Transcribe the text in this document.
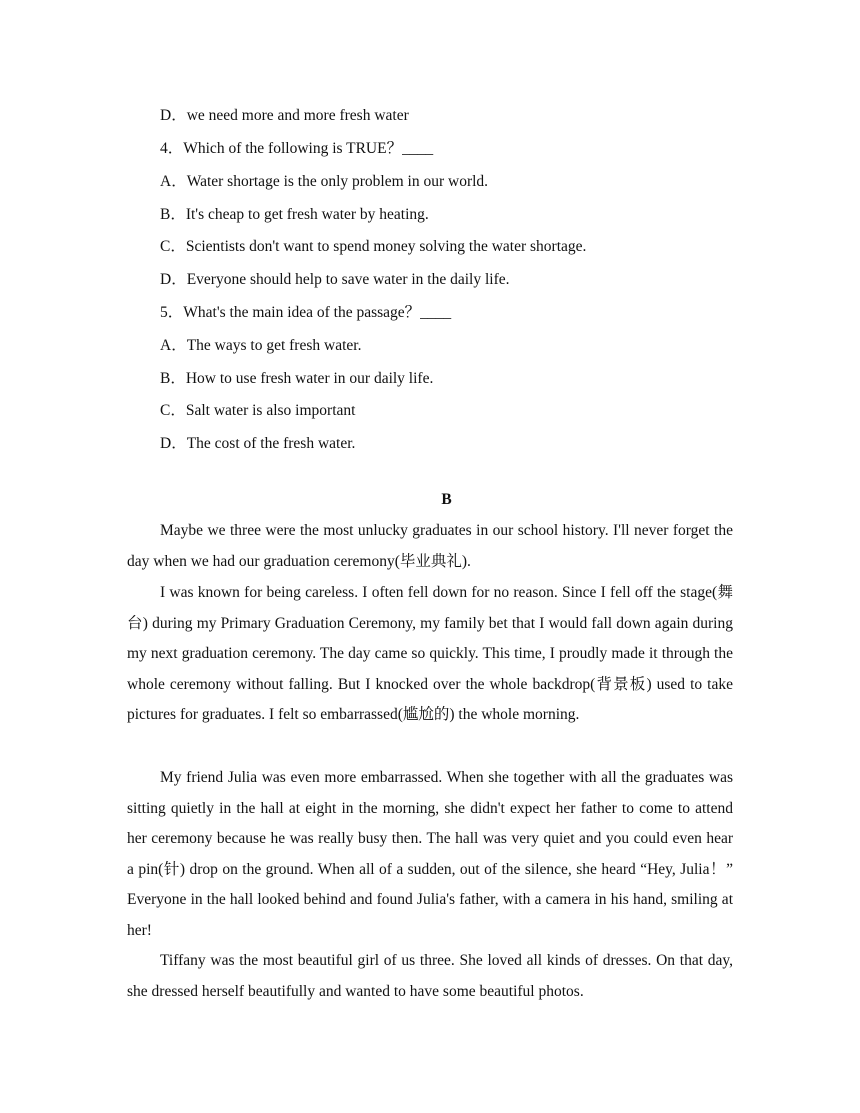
D．we need more and more fresh water
4．Which of the following is TRUE？____
A．Water shortage is the only problem in our world.
B．It's cheap to get fresh water by heating.
C．Scientists don't want to spend money solving the water shortage.
D．Everyone should help to save water in the daily life.
5．What's the main idea of the passage？____
A．The ways to get fresh water.
B．How to use fresh water in our daily life.
C．Salt water is also important
D．The cost of the fresh water.
B
Maybe we three were the most unlucky graduates in our school history. I'll never forget the day when we had our graduation ceremony(毕业典礼).
I was known for being careless. I often fell down for no reason. Since I fell off the stage(舞台) during my Primary Graduation Ceremony, my family bet that I would fall down again during my next graduation ceremony. The day came so quickly. This time, I proudly made it through the whole ceremony without falling. But I knocked over the whole backdrop(背景板) used to take pictures for graduates. I felt so embarrassed(尴尬的) the whole morning.
My friend Julia was even more embarrassed. When she together with all the graduates was sitting quietly in the hall at eight in the morning, she didn't expect her father to come to attend her ceremony because he was really busy then. The hall was very quiet and you could even hear a pin(针) drop on the ground. When all of a sudden, out of the silence, she heard “Hey, Julia！” Everyone in the hall looked behind and found Julia's father, with a camera in his hand, smiling at her!
Tiffany was the most beautiful girl of us three. She loved all kinds of dresses. On that day, she dressed herself beautifully and wanted to have some beautiful photos.
